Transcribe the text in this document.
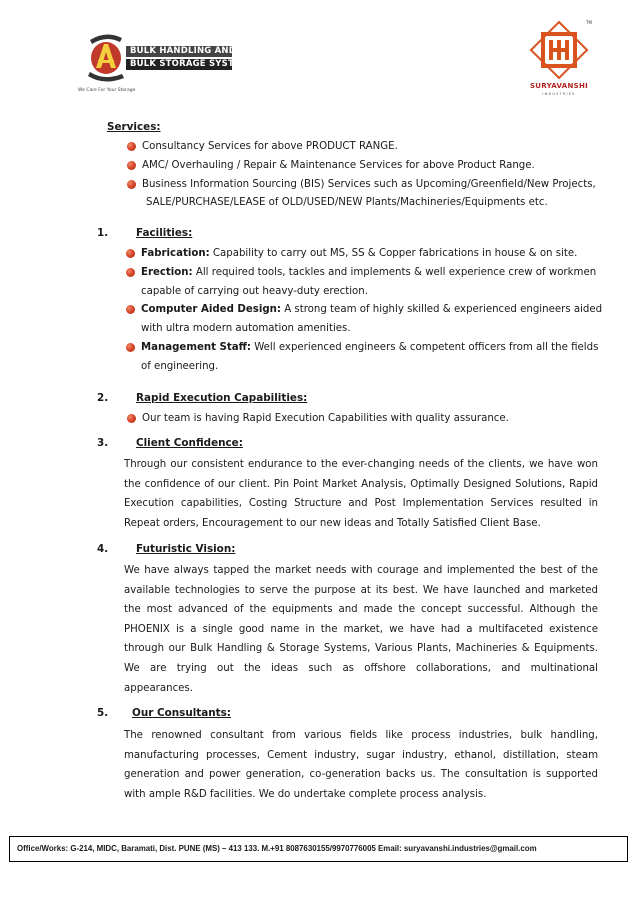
BULK HANDLING AND
BULK STORAGE SYSTEM
We Care For Your Storage
TM
SURYAVANSHI
INDUSTRIES
Services:
Consultancy Services for above PRODUCT RANGE.
AMC/ Overhauling / Repair & Maintenance Services for above Product Range.
Business Information Sourcing (BIS) Services such as Upcoming/Greenfield/New Projects,
SALE/PURCHASE/LEASE of OLD/USED/NEW Plants/Machineries/Equipments etc.
1.	Facilities:
Fabrication: Capability to carry out MS, SS & Copper fabrications in house & on site.
Erection: All required tools, tackles and implements & well experience crew of workmen
capable of carrying out heavy-duty erection.
Computer Aided Design: A strong team of highly skilled & experienced engineers aided
with ultra modern automation amenities.
Management Staff: Well experienced engineers & competent officers from all the fields
of engineering.
2.	Rapid Execution Capabilities:
Our team is having Rapid Execution Capabilities with quality assurance.
3.	Client Confidence:
Through our consistent endurance to the ever-changing needs of the clients, we have won
the confidence of our client. Pin Point Market Analysis, Optimally Designed Solutions, Rapid
Execution capabilities, Costing Structure and Post Implementation Services resulted in
Repeat orders, Encouragement to our new ideas and Totally Satisfied Client Base.
4.	Futuristic Vision:
We have always tapped the market needs with courage and implemented the best of the
available technologies to serve the purpose at its best. We have launched and marketed
the most advanced of the equipments and made the concept successful. Although the
PHOENIX is a single good name in the market, we have had a multifaceted existence
through our Bulk Handling & Storage Systems, Various Plants, Machineries & Equipments.
We are trying out the ideas such as offshore collaborations, and multinational
appearances.
5. Our Consultants:
The renowned consultant from various fields like process industries, bulk handling,
manufacturing processes, Cement industry, sugar industry, ethanol, distillation, steam
generation and power generation, co-generation backs us. The consultation is supported
with ample R&D facilities. We do undertake complete process analysis.
Office/Works: G-214, MIDC, Baramati, Dist. PUNE (MS) – 413 133. M.+91 8087630155/9970776005 Email: suryavanshi.industries@gmail.com
